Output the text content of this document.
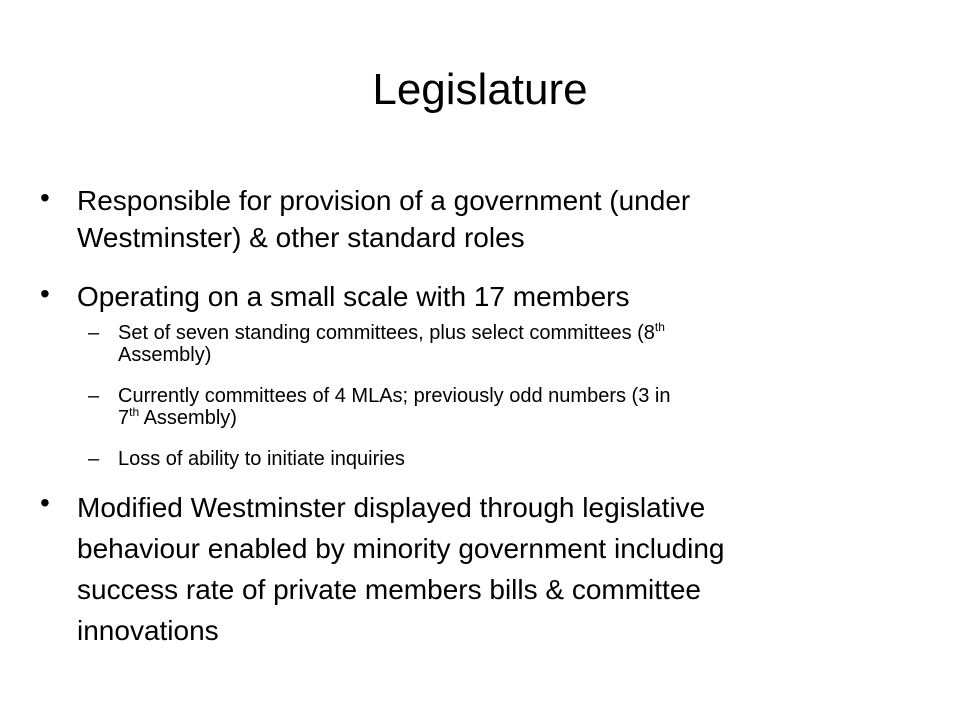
Legislature
• Responsible for provision of a government (under
Westminster) & other standard roles
• Operating on a small scale with 17 members
– Set of seven standing committees, plus select committees (8th
Assembly)
– Currently committees of 4 MLAs; previously odd numbers (3 in
7th Assembly)
– Loss of ability to initiate inquiries
• Modified Westminster displayed through legislative
behaviour enabled by minority government including
success rate of private members bills & committee
innovations
